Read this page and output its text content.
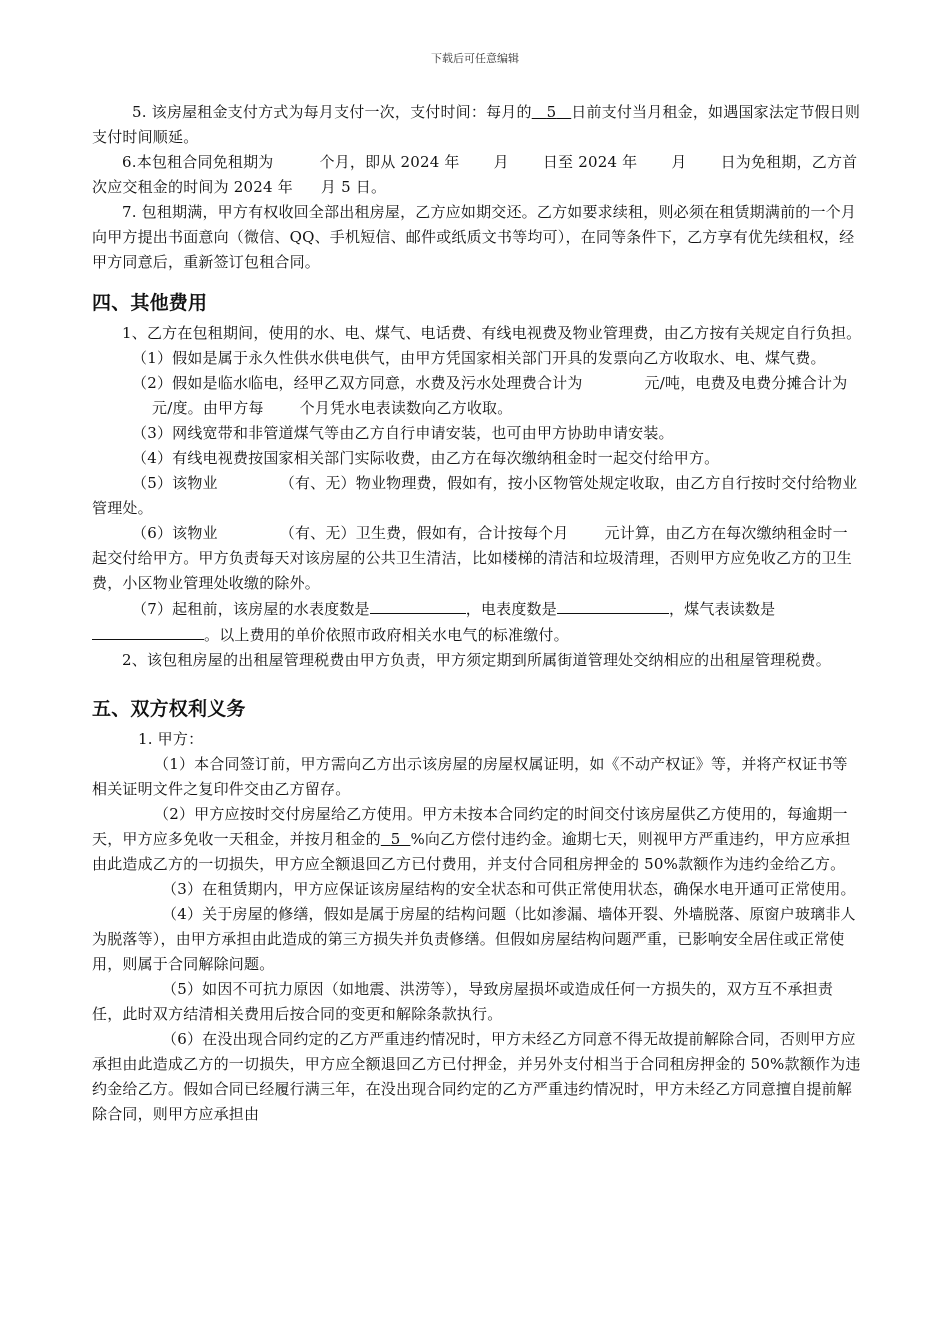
下载后可任意编辑

5. 该房屋租金支付方式为每月支付一次，支付时间：每月的 5 日前支付当月租金，如遇国家法定节假日则支付时间顺延。

6.本包租合同免租期为	个月，即从 2024 年 月 日至 2024 年 月 日为免租期，乙方首次应交租金的时间为 2024 年 月 5 日。

7. 包租期满，甲方有权收回全部出租房屋，乙方应如期交还。乙方如要求续租，则必须在租赁期满前的一个月向甲方提出书面意向（微信、QQ、手机短信、邮件或纸质文书等均可），在同等条件下，乙方享有优先续租权，经甲方同意后，重新签订包租合同。

四、其他费用

1、乙方在包租期间，使用的水、电、煤气、电话费、有线电视费及物业管理费，由乙方按有关规定自行负担。

（1）假如是属于永久性供水供电供气，由甲方凭国家相关部门开具的发票向乙方收取水、电、煤气费。

（2）假如是临水临电，经甲乙双方同意，水费及污水处理费合计为	元/吨，电费及电费分摊合计为元/度。由甲方每 个月凭水电表读数向乙方收取。

（3）网线宽带和非管道煤气等由乙方自行申请安装，也可由甲方协助申请安装。

（4）有线电视费按国家相关部门实际收费，由乙方在每次缴纳租金时一起交付给甲方。

（5）该物业	（有、无）物业物理费，假如有，按小区物管处规定收取，由乙方自行按时交付给物业管理处。

（6）该物业	（有、无）卫生费，假如有，合计按每个月 元计算，由乙方在每次缴纳租金时一起交付给甲方。甲方负责每天对该房屋的公共卫生清洁，比如楼梯的清洁和垃圾清理，否则甲方应免收乙方的卫生费，小区物业管理处收缴的除外。

（7）起租前，该房屋的水表度数是	，电表度数是	，煤气表读数是。以上费用的单价依照市政府相关水电气的标准缴付。

2、该包租房屋的出租屋管理税费由甲方负责，甲方须定期到所属街道管理处交纳相应的出租屋管理税费。

五、双方权利义务

1. 甲方：

（1）本合同签订前，甲方需向乙方出示该房屋的房屋权属证明，如《不动产权证》等，并将产权证书等相关证明文件之复印件交由乙方留存。

（2）甲方应按时交付房屋给乙方使用。甲方未按本合同约定的时间交付该房屋供乙方使用的，每逾期一天，甲方应多免收一天租金，并按月租金的 5 %向乙方偿付违约金。逾期七天，则视甲方严重违约，甲方应承担由此造成乙方的一切损失，甲方应全额退回乙方已付费用，并支付合同租房押金的 50%款额作为违约金给乙方。

（3）在租赁期内，甲方应保证该房屋结构的安全状态和可供正常使用状态，确保水电开通可正常使用。

（4）关于房屋的修缮，假如是属于房屋的结构问题（比如渗漏、墙体开裂、外墙脱落、原窗户玻璃非人为脱落等），由甲方承担由此造成的第三方损失并负责修缮。但假如房屋结构问题严重，已影响安全居住或正常使用，则属于合同解除问题。

（5）如因不可抗力原因（如地震、洪涝等），导致房屋损坏或造成任何一方损失的，双方互不承担责任，此时双方结清相关费用后按合同的变更和解除条款执行。

（6）在没出现合同约定的乙方严重违约情况时，甲方未经乙方同意不得无故提前解除合同，否则甲方应承担由此造成乙方的一切损失，甲方应全额退回乙方已付押金，并另外支付相当于合同租房押金的 50%款额作为违约金给乙方。假如合同已经履行满三年，在没出现合同约定的乙方严重违约情况时，甲方未经乙方同意擅自提前解除合同，则甲方应承担由
